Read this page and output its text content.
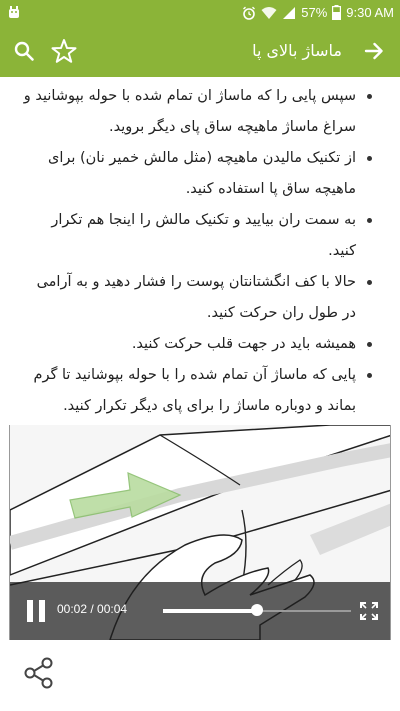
57% 9:30 AM
ماساژ بالای پا
سپس پایی را که ماساژ ان تمام شده با حوله بپوشانید و سراغ ماساژ ماهیچه ساق پای دیگر بروید.
از تکنیک مالیدن ماهیچه (مثل مالش خمیر نان) برای ماهیچه ساق پا استفاده کنید.
به سمت ران بیایید و تکنیک مالش را اینجا هم تکرار کنید.
حالا با کف انگشتانتان پوست را فشار دهید و به آرامی در طول ران حرکت کنید.
همیشه باید در جهت قلب حرکت کنید.
پایی که ماساژ آن تمام شده را با حوله بپوشانید تا گرم بماند و دوباره ماساژ را برای پای دیگر تکرار کنید.
00:02 / 00:04
